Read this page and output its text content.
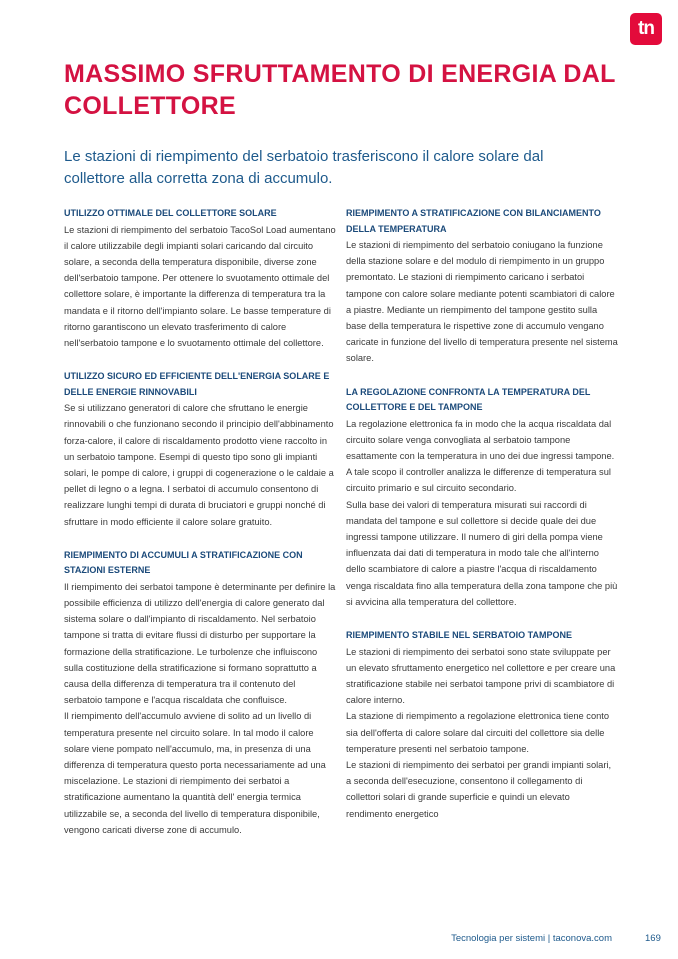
tn
MASSIMO SFRUTTAMENTO DI ENERGIA DAL COLLETTORE

Le stazioni di riempimento del serbatoio trasferiscono il calore solare dal collettore alla corretta zona di accumulo.

UTILIZZO OTTIMALE DEL COLLETTORE SOLARE

Le stazioni di riempimento del serbatoio TacoSol Load aumentano il calore utilizzabile degli impianti solari caricando dal circuito solare, a seconda della temperatura disponibile, diverse zone dell'serbatoio tampone. Per ottenere lo svuotamento ottimale del collettore solare, è importante la differenza di temperatura tra la mandata e il ritorno dell'impianto solare. Le basse temperature di ritorno garantiscono un elevato trasferimento di calore nell'serbatoio tampone e lo svuotamento ottimale del collettore.

UTILIZZO SICURO ED EFFICIENTE DELL'ENERGIA SOLARE E DELLE ENERGIE RINNOVABILI

Se si utilizzano generatori di calore che sfruttano le energie rinnovabili o che funzionano secondo il principio dell'abbinamento forza-calore, il calore di riscaldamento prodotto viene raccolto in un serbatoio tampone. Esempi di questo tipo sono gli impianti solari, le pompe di calore, i gruppi di cogenerazione o le caldaie a pellet di legno o a legna. I serbatoi di accumulo consentono di realizzare lunghi tempi di durata di bruciatori e gruppi nonché di sfruttare in modo efficiente il calore solare gratuito.

RIEMPIMENTO DI ACCUMULI A STRATIFICAZIONE CON STAZIONI ESTERNE

Il riempimento dei serbatoi tampone è determinante per definire la possibile efficienza di utilizzo dell'energia di calore generato dal sistema solare o dall'impianto di riscaldamento. Nel serbatoio tampone si tratta di evitare flussi di disturbo per supportare la formazione della stratificazione. Le turbolenze che influiscono sulla costituzione della stratificazione si formano soprattutto a causa della differenza di temperatura tra il contenuto del serbatoio tampone e l'acqua riscaldata che confluisce.

Il riempimento dell'accumulo avviene di solito ad un livello di temperatura presente nel circuito solare. In tal modo il calore solare viene pompato nell'accumulo, ma, in presenza di una differenza di temperatura questo porta necessariamente ad una miscelazione. Le stazioni di riempimento dei serbatoi a stratificazione aumentano la quantità dell' energia termica utilizzabile se, a seconda del livello di temperatura disponibile, vengono caricati diverse zone di accumulo.

RIEMPIMENTO A STRATIFICAZIONE CON BILANCIAMENTO DELLA TEMPERATURA

Le stazioni di riempimento del serbatoio coniugano la funzione della stazione solare e del modulo di riempimento in un gruppo premontato. Le stazioni di riempimento caricano i serbatoi tampone con calore solare mediante potenti scambiatori di calore a piastre. Mediante un riempimento del tampone gestito sulla base della temperatura le rispettive zone di accumulo vengano caricate in funzione del livello di temperatura presente nel sistema solare.

LA REGOLAZIONE CONFRONTA LA TEMPERATURA DEL COLLETTORE E DEL TAMPONE

La regolazione elettronica fa in modo che la acqua riscaldata dal circuito solare venga convogliata al serbatoio tampone esattamente con la temperatura in uno dei due ingressi tampone. A tale scopo il controller analizza le differenze di temperatura sul circuito primario e sul circuito secondario.

Sulla base dei valori di temperatura misurati sui raccordi di mandata del tampone e sul collettore si decide quale dei due ingressi tampone utilizzare. Il numero di giri della pompa viene influenzata dai dati di temperatura in modo tale che all'interno dello scambiatore di calore a piastre l'acqua di riscaldamento venga riscaldata fino alla temperatura della zona tampone che più si avvicina alla temperatura del collettore.

RIEMPIMENTO STABILE NEL SERBATOIO TAMPONE

Le stazioni di riempimento dei serbatoi sono state sviluppate per un elevato sfruttamento energetico nel collettore e per creare una stratificazione stabile nei serbatoi tampone privi di scambiatore di calore interno.

La stazione di riempimento a regolazione elettronica tiene conto sia dell'offerta di calore solare dal circuiti del collettore sia delle temperature presenti nel serbatoio tampone.

Le stazioni di riempimento dei serbatoi per grandi impianti solari, a seconda dell'esecuzione, consentono il collegamento di collettori solari di grande superficie e quindi un elevato rendimento energetico

Tecnologia per sistemi | taconova.com	169
